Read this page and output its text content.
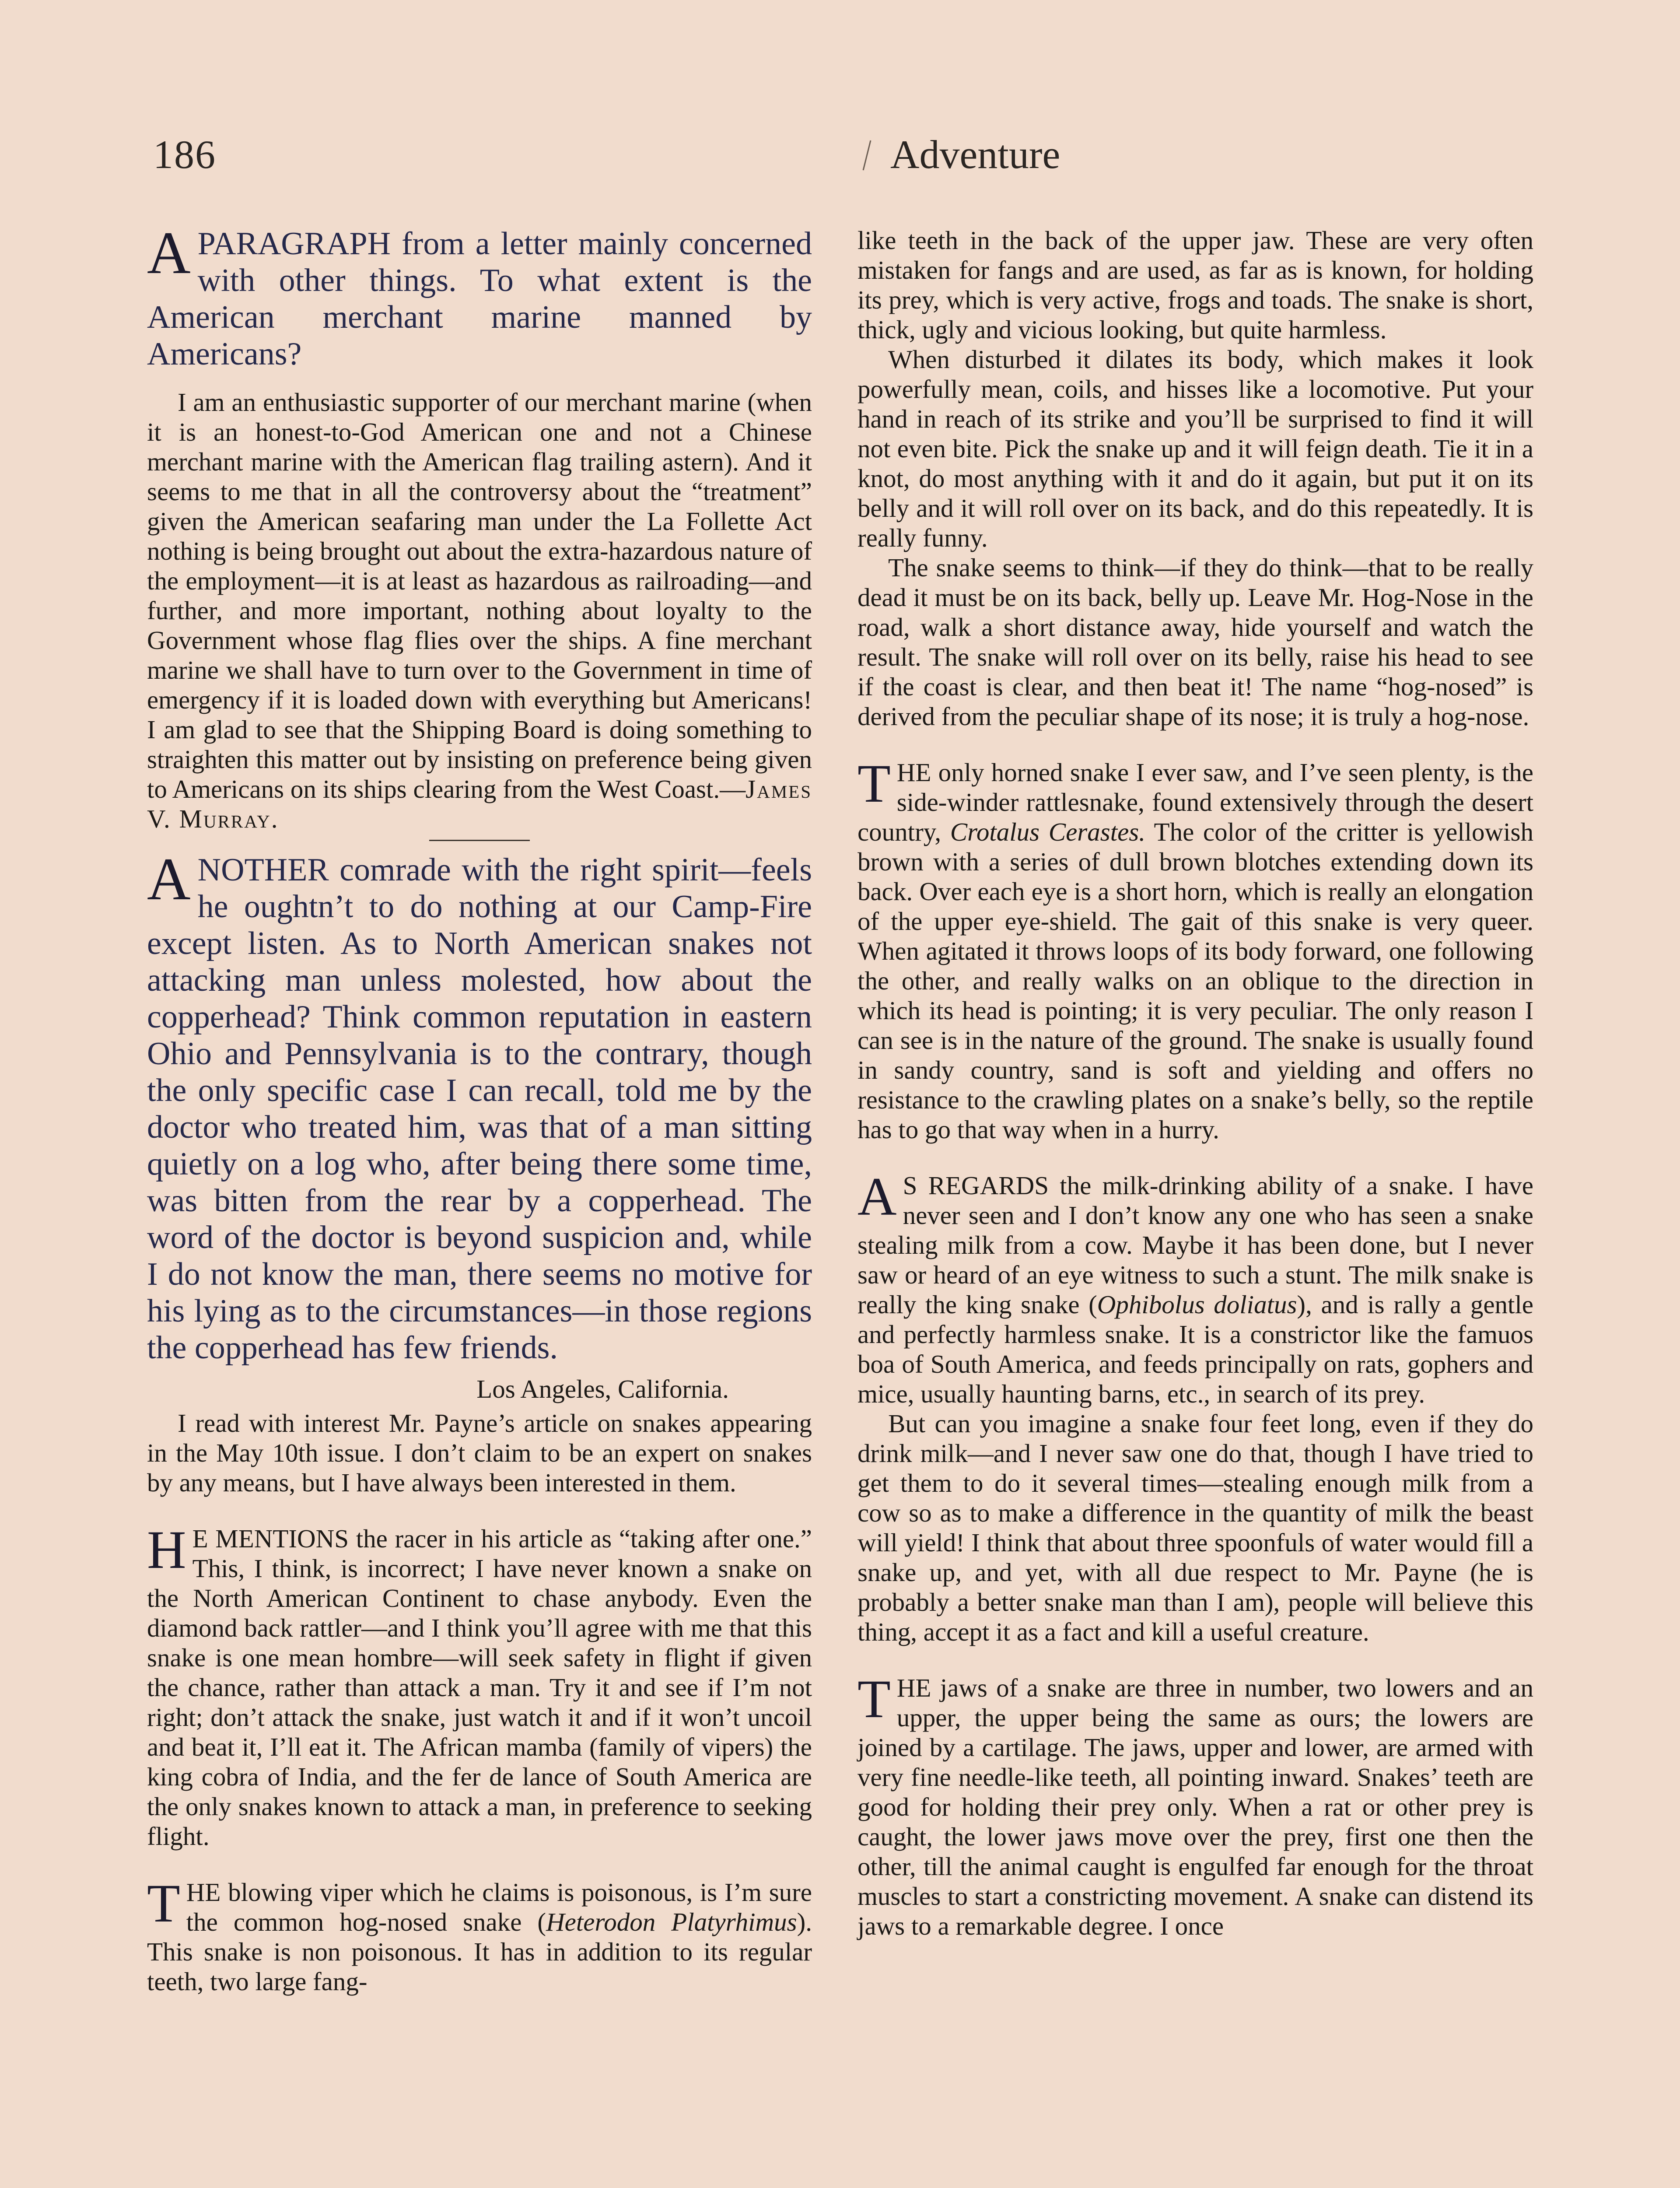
186	Adventure
APARAGRAPH from a letter mainly concerned with other things. To what extent is the American merchant marine manned by Americans?

I am an enthusiastic supporter of our merchant marine (when it is an honest-to-God American one and not a Chinese merchant marine with the American flag trailing astern). And it seems to me that in all the controversy about the “treatment” given the American seafaring man under the La Follette Act nothing is being brought out about the extra-hazardous nature of the employment—it is at least as hazardous as railroading—and further, and more important, nothing about loyalty to the Government whose flag flies over the ships. A fine merchant marine we shall have to turn over to the Government in time of emergency if it is loaded down with everything but Americans! I am glad to see that the Shipping Board is doing something to straighten this matter out by insisting on preference being given to Americans on its ships clearing from the West Coast.—James V. Murray.

ANOTHER comrade with the right spirit—feels he oughtn’t to do nothing at our Camp-Fire except listen. As to North American snakes not attacking man unless molested, how about the copperhead? Think common reputation in eastern Ohio and Pennsylvania is to the contrary, though the only specific case I can recall, told me by the doctor who treated him, was that of a man sitting quietly on a log who, after being there some time, was bitten from the rear by a copperhead. The word of the doctor is beyond suspicion and, while I do not know the man, there seems no motive for his lying as to the circumstances—in those regions the copperhead has few friends.
Los Angeles, California.

I read with interest Mr. Payne’s article on snakes appearing in the May 10th issue. I don’t claim to be an expert on snakes by any means, but I have always been interested in them.

H E MENTIONS the racer in his article as “taking after one.” This, I think, is incorrect; I have never known a snake on the North American Continent to chase anybody. Even the diamond back rattler—and I think you’ll agree with me that this snake is one mean hombre—will seek safety in flight if given the chance, rather than attack a man. Try it and see if I’m not right; don’t attack the snake, just watch it and if it won’t uncoil and beat it, I’ll eat it. The African mamba (family of vipers) the king cobra of India, and the fer de lance of South America are the only snakes known to attack a man, in preference to seeking flight.
THE blowing viper which he claims is poisonous, is I’m sure the common hog-nosed snake (Heterodon Platyrhimus). This snake is non poisonous. It has in addition to its regular teeth, two large fang-

like teeth in the back of the upper jaw. These are very often mistaken for fangs and are used, as far as is known, for holding its prey, which is very active, frogs and toads. The snake is short, thick, ugly and vicious looking, but quite harmless.

When disturbed it dilates its body, which makes it look powerfully mean, coils, and hisses like a locomotive. Put your hand in reach of its strike and you’ll be surprised to find it will not even bite. Pick the snake up and it will feign death. Tie it in a knot, do most anything with it and do it again, but put it on its belly and it will roll over on its back, and do this repeatedly. It is really funny.

The snake seems to think—if they do think—that to be really dead it must be on its back, belly up. Leave Mr. Hog-Nose in the road, walk a short distance away, hide yourself and watch the result. The snake will roll over on its belly, raise his head to see if the coast is clear, and then beat it! The name “hog-nosed” is derived from the peculiar shape of its nose; it is truly a hog-nose.

THE only horned snake I ever saw, and I’ve seen plenty, is the side-winder rattlesnake, found extensively through the desert country, Crotalus Cerastes. The color of the critter is yellowish brown with a series of dull brown blotches extending down its back. Over each eye is a short horn, which is really an elongation of the upper eye-shield. The gait of this snake is very queer. When agitated it throws loops of its body forward, one following the other, and really walks on an oblique to the direction in which its head is pointing; it is very peculiar. The only reason I can see is in the nature of the ground. The snake is usually found in sandy country, sand is soft and yielding and offers no resistance to the crawling plates on a snake’s belly, so the reptile has to go that way when in a hurry.
A S REGARDS the milk-drinking ability of a snake. I have never seen and I don’t know any one who has seen a snake stealing milk from a cow. Maybe it has been done, but I never saw or heard of an eye witness to such a stunt. The milk snake is really the king snake (Ophibolus doliatus), and is rally a gentle and perfectly harmless snake. It is a constrictor like the famuos boa of South America, and feeds principally on rats, gophers and mice, usually haunting barns, etc., in search of its prey.

But can you imagine a snake four feet long, even if they do drink milk—and I never saw one do that, though I have tried to get them to do it several times—stealing enough milk from a cow so as to make a difference in the quantity of milk the beast will yield! I think that about three spoonfuls of water would fill a snake up, and yet, with all due respect to Mr. Payne (he is probably a better snake man than I am), people will believe this thing, accept it as a fact and kill a useful creature.

THE jaws of a snake are three in number, two lowers and an upper, the upper being the same as ours; the lowers are joined by a cartilage. The jaws, upper and lower, are armed with very fine needle-like teeth, all pointing inward. Snakes’ teeth are good for holding their prey only. When a rat or other prey is caught, the lower jaws move over the prey, first one then the other, till the animal caught is engulfed far enough for the throat muscles to start a constricting movement. A snake can distend its jaws to a remarkable degree. I once
